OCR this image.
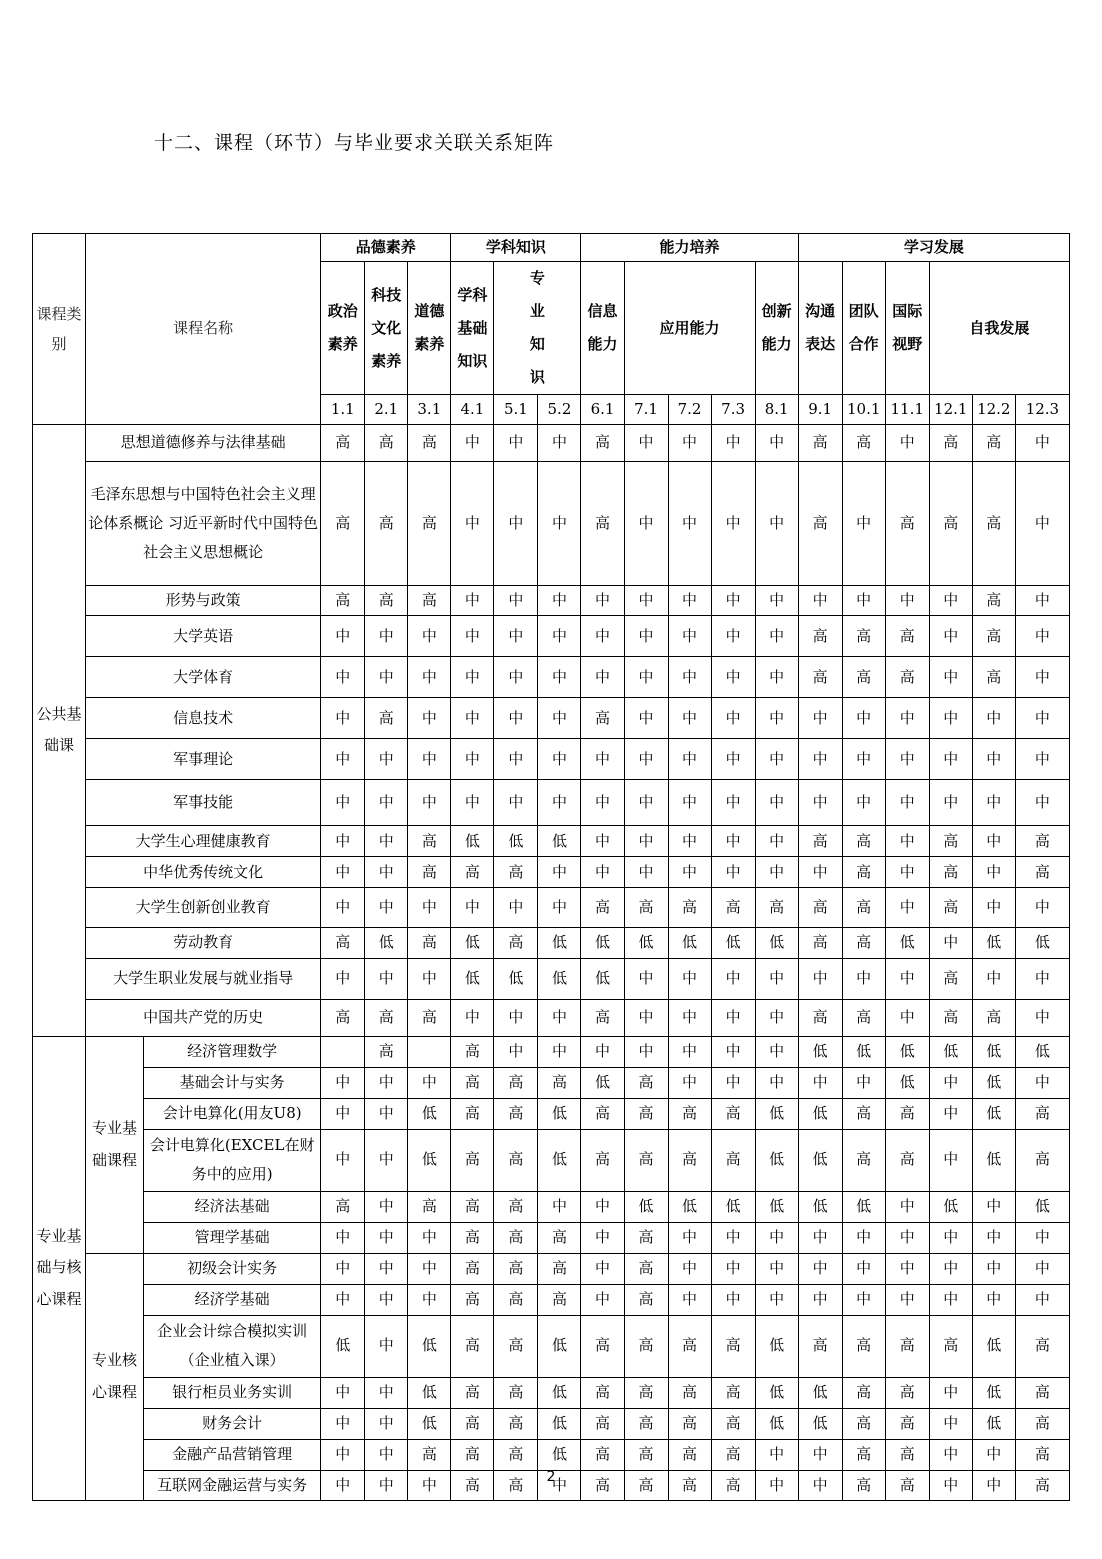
十二、课程（环节）与毕业要求关联关系矩阵
课程类别	课程名称		品德素养			学科知识			能力培养					学习发展					
			政治素养	科技文化素养	道德素养	学科基础知识	专业知识		信息能力	应用能力			创新能力	沟通表达	团队合作	国际视野	自我发展		
			1.1	2.1	3.1	4.1	5.1	5.2	6.1	7.1	7.2	7.3	8.1	9.1	10.1	11.1	12.1	12.2	12.3
公共基础课	思想道德修养与法律基础		高	高	高	中	中	中	高	中	中	中	中	高	高	中	高	高	中
	毛泽东思想与中国特色社会主义理论体系概论 习近平新时代中国特色社会主义思想概论		高	高	高	中	中	中	高	中	中	中	中	高	中	高	高	高	中
	形势与政策		高	高	高	中	中	中	中	中	中	中	中	中	中	中	中	高	中
	大学英语		中	中	中	中	中	中	中	中	中	中	中	高	高	高	中	高	中
	大学体育		中	中	中	中	中	中	中	中	中	中	中	高	高	高	中	高	中
	信息技术		中	高	中	中	中	中	高	中	中	中	中	中	中	中	中	中	中
	军事理论		中	中	中	中	中	中	中	中	中	中	中	中	中	中	中	中	中
	军事技能		中	中	中	中	中	中	中	中	中	中	中	中	中	中	中	中	中
	大学生心理健康教育		中	中	高	低	低	低	中	中	中	中	中	高	高	中	高	中	高
	中华优秀传统文化		中	中	高	高	高	中	中	中	中	中	中	中	高	中	高	中	高
	大学生创新创业教育		中	中	中	中	中	中	高	高	高	高	高	高	高	中	高	中	中
	劳动教育		高	低	高	低	高	低	低	低	低	低	低	高	高	低	中	低	低
	大学生职业发展与就业指导		中	中	中	低	低	低	低	中	中	中	中	中	中	中	高	中	中
	中国共产党的历史		高	高	高	中	中	中	高	中	中	中	中	高	高	中	高	高	中
专业基础与核心课程	专业基础课程	经济管理数学		高		高	中	中	中	中	中	中	中	低	低	低	低	低	低
		基础会计与实务	中	中	中	高	高	高	低	高	中	中	中	中	中	低	中	低	中
		会计电算化(用友U8)	中	中	低	高	高	低	高	高	高	高	低	低	高	高	中	低	高
		会计电算化(EXCEL在财务中的应用)	中	中	低	高	高	低	高	高	高	高	低	低	高	高	中	低	高
		经济法基础	高	中	高	高	高	中	中	低	低	低	低	低	低	中	低	中	低
		管理学基础	中	中	中	高	高	高	中	高	中	中	中	中	中	中	中	中	中
	专业核心课程	初级会计实务	中	中	中	高	高	高	中	高	中	中	中	中	中	中	中	中	中
		经济学基础	中	中	中	高	高	高	中	高	中	中	中	中	中	中	中	中	中
		企业会计综合模拟实训（企业植入课）	低	中	低	高	高	低	高	高	高	高	低	高	高	高	高	低	高
		银行柜员业务实训	中	中	低	高	高	低	高	高	高	高	低	低	高	高	中	低	高
		财务会计	中	中	低	高	高	低	高	高	高	高	低	低	高	高	中	低	高
		金融产品营销管理	中	中	高	高	高	低	高	高	高	高	中	中	高	高	中	中	高
		互联网金融运营与实务	中	中	中	高	高	中	高	高	高	高	中	中	高	高	中	中	高
2
